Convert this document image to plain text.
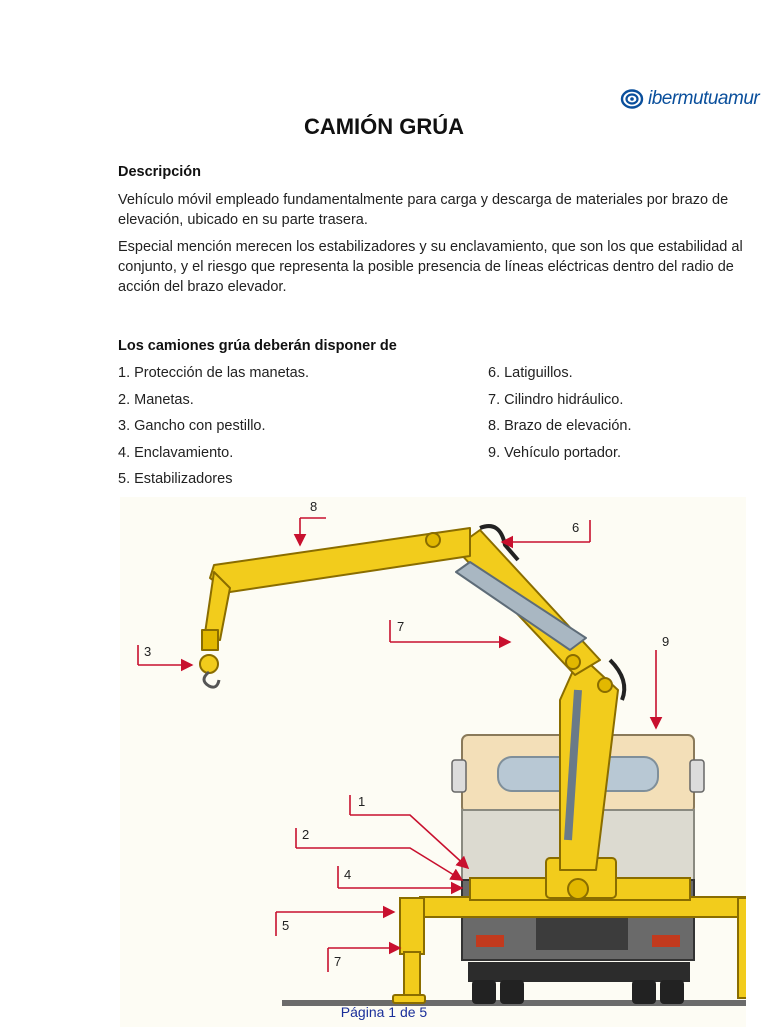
ibermutuamur
CAMIÓN GRÚA
Descripción
Vehículo móvil empleado fundamentalmente para carga y descarga de materiales por brazo de elevación, ubicado en su parte trasera.
Especial mención merecen los estabilizadores y su enclavamiento, que son los que estabilidad al conjunto, y el riesgo que representa la posible presencia de líneas eléctricas dentro del radio de acción del brazo elevador.
Los camiones grúa deberán disponer de
1. Protección de las manetas.
2. Manetas.
3. Gancho con pestillo.
4. Enclavamiento.
5. Estabilizadores
6. Latiguillos.
7. Cilindro hidráulico.
8. Brazo de elevación.
9. Vehículo portador.
8
6
7
9
3
1
2
4
5
7
Página 1 de 5
